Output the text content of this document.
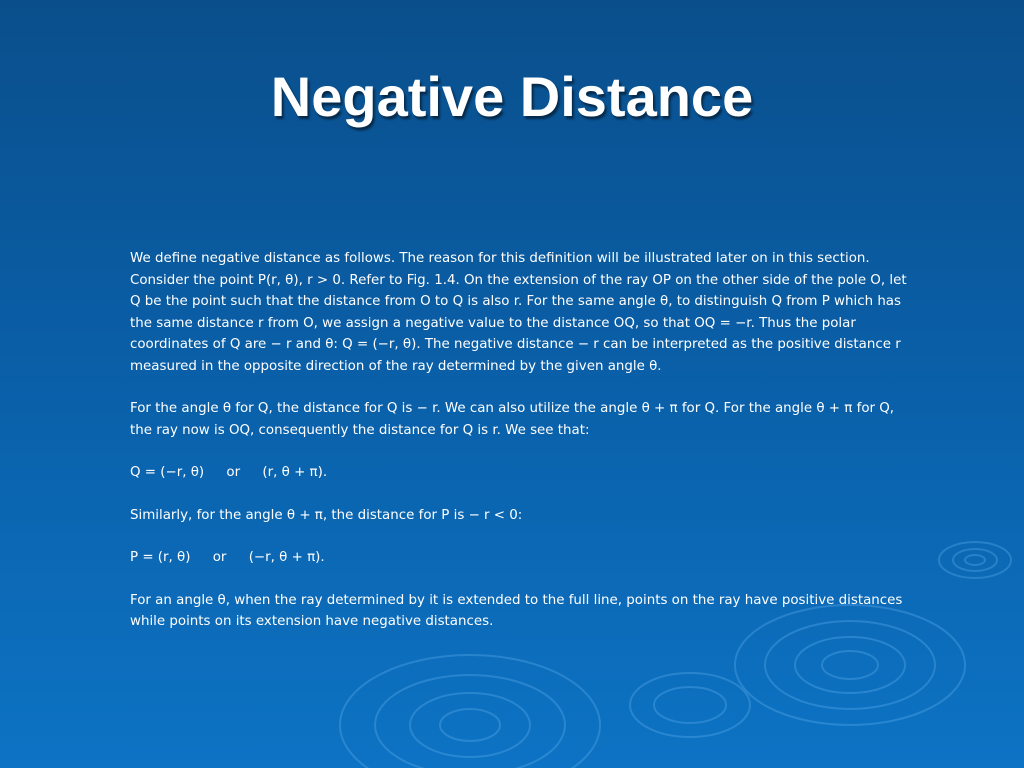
Negative Distance

We define negative distance as follows. The reason for this definition will be illustrated later on in this section. Consider the point P(r, θ), r > 0. Refer to Fig. 1.4. On the extension of the ray OP on the other side of the pole O, let Q be the point such that the distance from O to Q is also r. For the same angle θ, to distinguish Q from P which has the same distance r from O, we assign a negative value to the distance OQ, so that OQ = −r. Thus the polar coordinates of Q are − r and θ: Q = (−r, θ). The negative distance − r can be interpreted as the positive distance r measured in the opposite direction of the ray determined by the given angle θ.

For the angle θ for Q, the distance for Q is − r. We can also utilize the angle θ + π for Q. For the angle θ + π for Q, the ray now is OQ, consequently the distance for Q is r. We see that:

Q = (−r, θ) or (r, θ + π).

Similarly, for the angle θ + π, the distance for P is − r < 0:

P = (r, θ) or (−r, θ + π).

For an angle θ, when the ray determined by it is extended to the full line, points on the ray have positive distances while points on its extension have negative distances.
